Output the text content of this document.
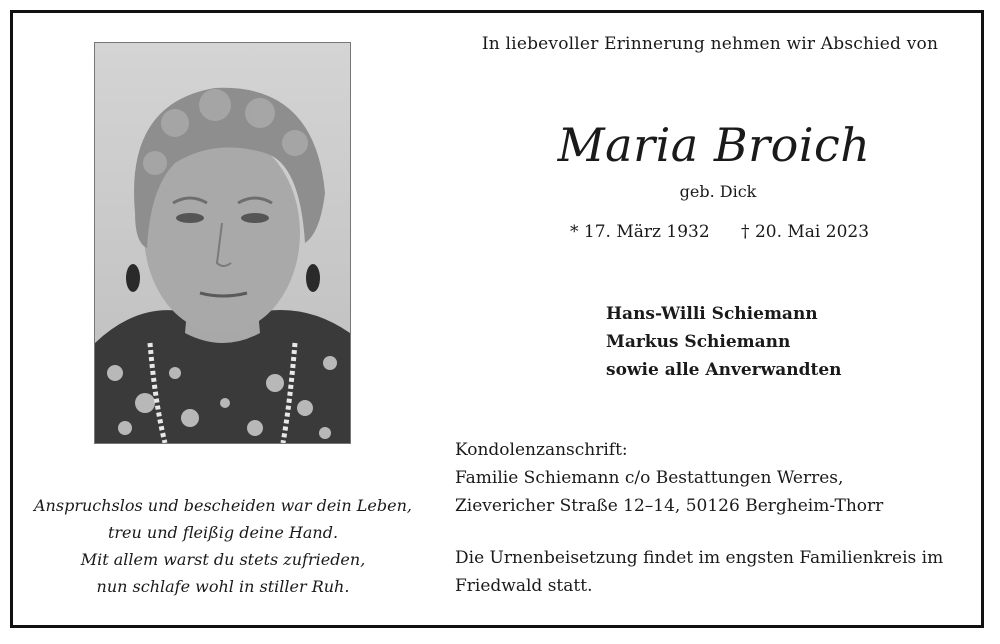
In liebevoller Erinnerung nehmen wir Abschied von
Maria Broich
geb. Dick
* 17. März 1932 † 20. Mai 2023
Hans-Willi Schiemann
Markus Schiemann
sowie alle Anverwandten
Kondolenzanschrift:
Familie Schiemann c/o Bestattungen Werres,
Zievericher Straße 12–14, 50126 Bergheim-Thorr
Die Urnenbeisetzung findet im engsten Familienkreis im
Friedwald statt.
Anspruchslos und bescheiden war dein Leben,
treu und fleißig deine Hand.
Mit allem warst du stets zufrieden,
nun schlafe wohl in stiller Ruh.
